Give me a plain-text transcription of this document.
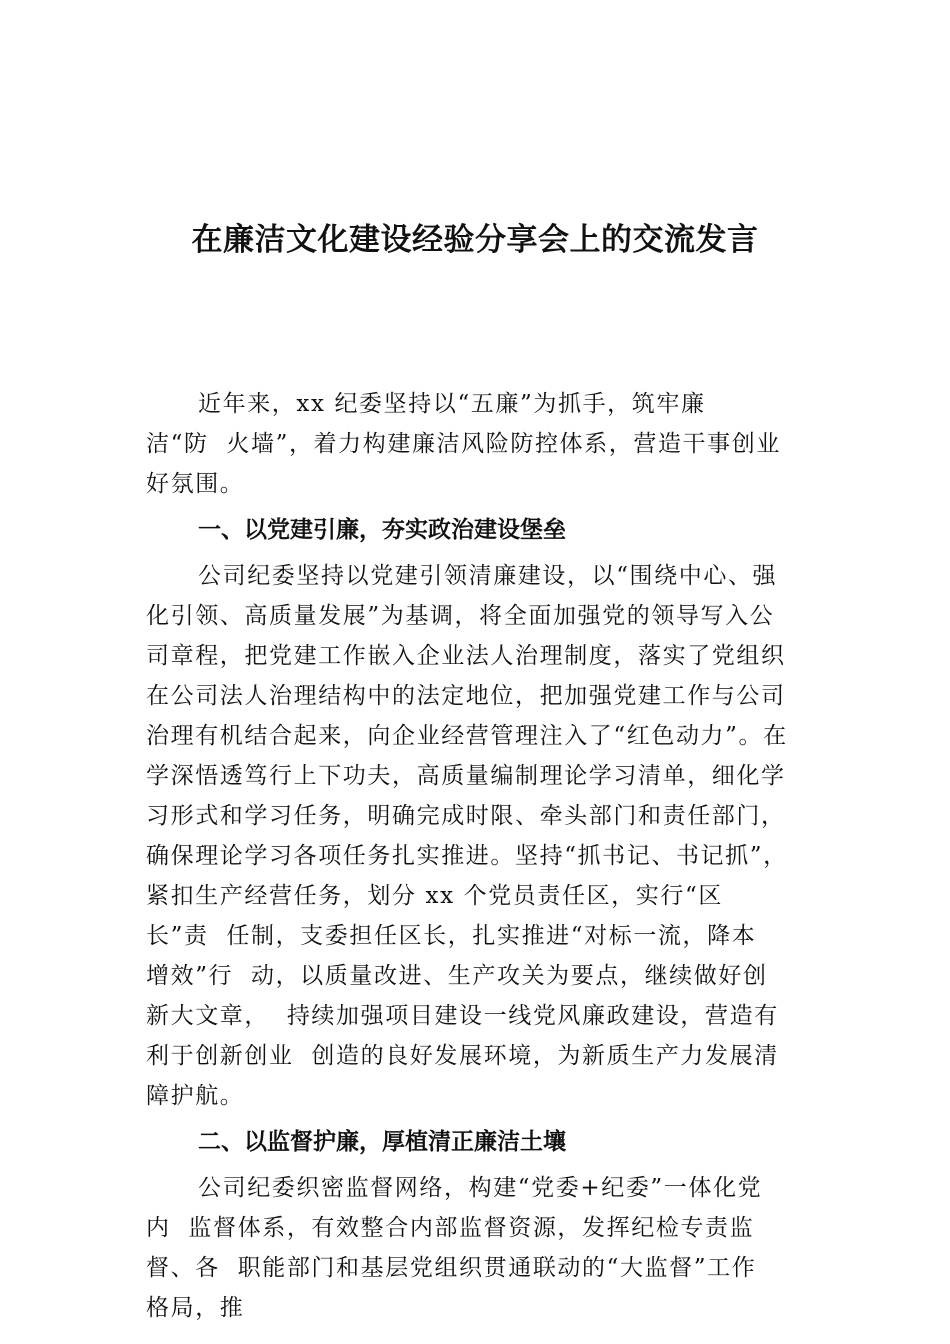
在廉洁文化建设经验分享会上的交流发言
近年来，xx 纪委坚持以“五廉”为抓手，筑牢廉
洁“防  火墙”，着力构建廉洁风险防控体系，营造干事创业
好氛围。
一、以党建引廉，夯实政治建设堡垒
公司纪委坚持以党建引领清廉建设，以“围绕中心、强
化引领、高质量发展”为基调，将全面加强党的领导写入公
司章程，把党建工作嵌入企业法人治理制度，落实了党组织
在公司法人治理结构中的法定地位，把加强党建工作与公司
治理有机结合起来，向企业经营管理注入了“红色动力”。在
学深悟透笃行上下功夫，高质量编制理论学习清单，细化学
习形式和学习任务，明确完成时限、牵头部门和责任部门，
确保理论学习各项任务扎实推进。坚持“抓书记、书记抓”，
紧扣生产经营任务，划分 xx 个党员责任区，实行“区
长”责  任制，支委担任区长，扎实推进“对标一流，降本
增效”行  动，以质量改进、生产攻关为要点，继续做好创
新大文章，  持续加强项目建设一线党风廉政建设，营造有
利于创新创业  创造的良好发展环境，为新质生产力发展清
障护航。
二、以监督护廉，厚植清正廉洁土壤
公司纪委织密监督网络，构建“党委+纪委”一体化党
内  监督体系，有效整合内部监督资源，发挥纪检专责监
督、各  职能部门和基层党组织贯通联动的“大监督”工作
格局，推
